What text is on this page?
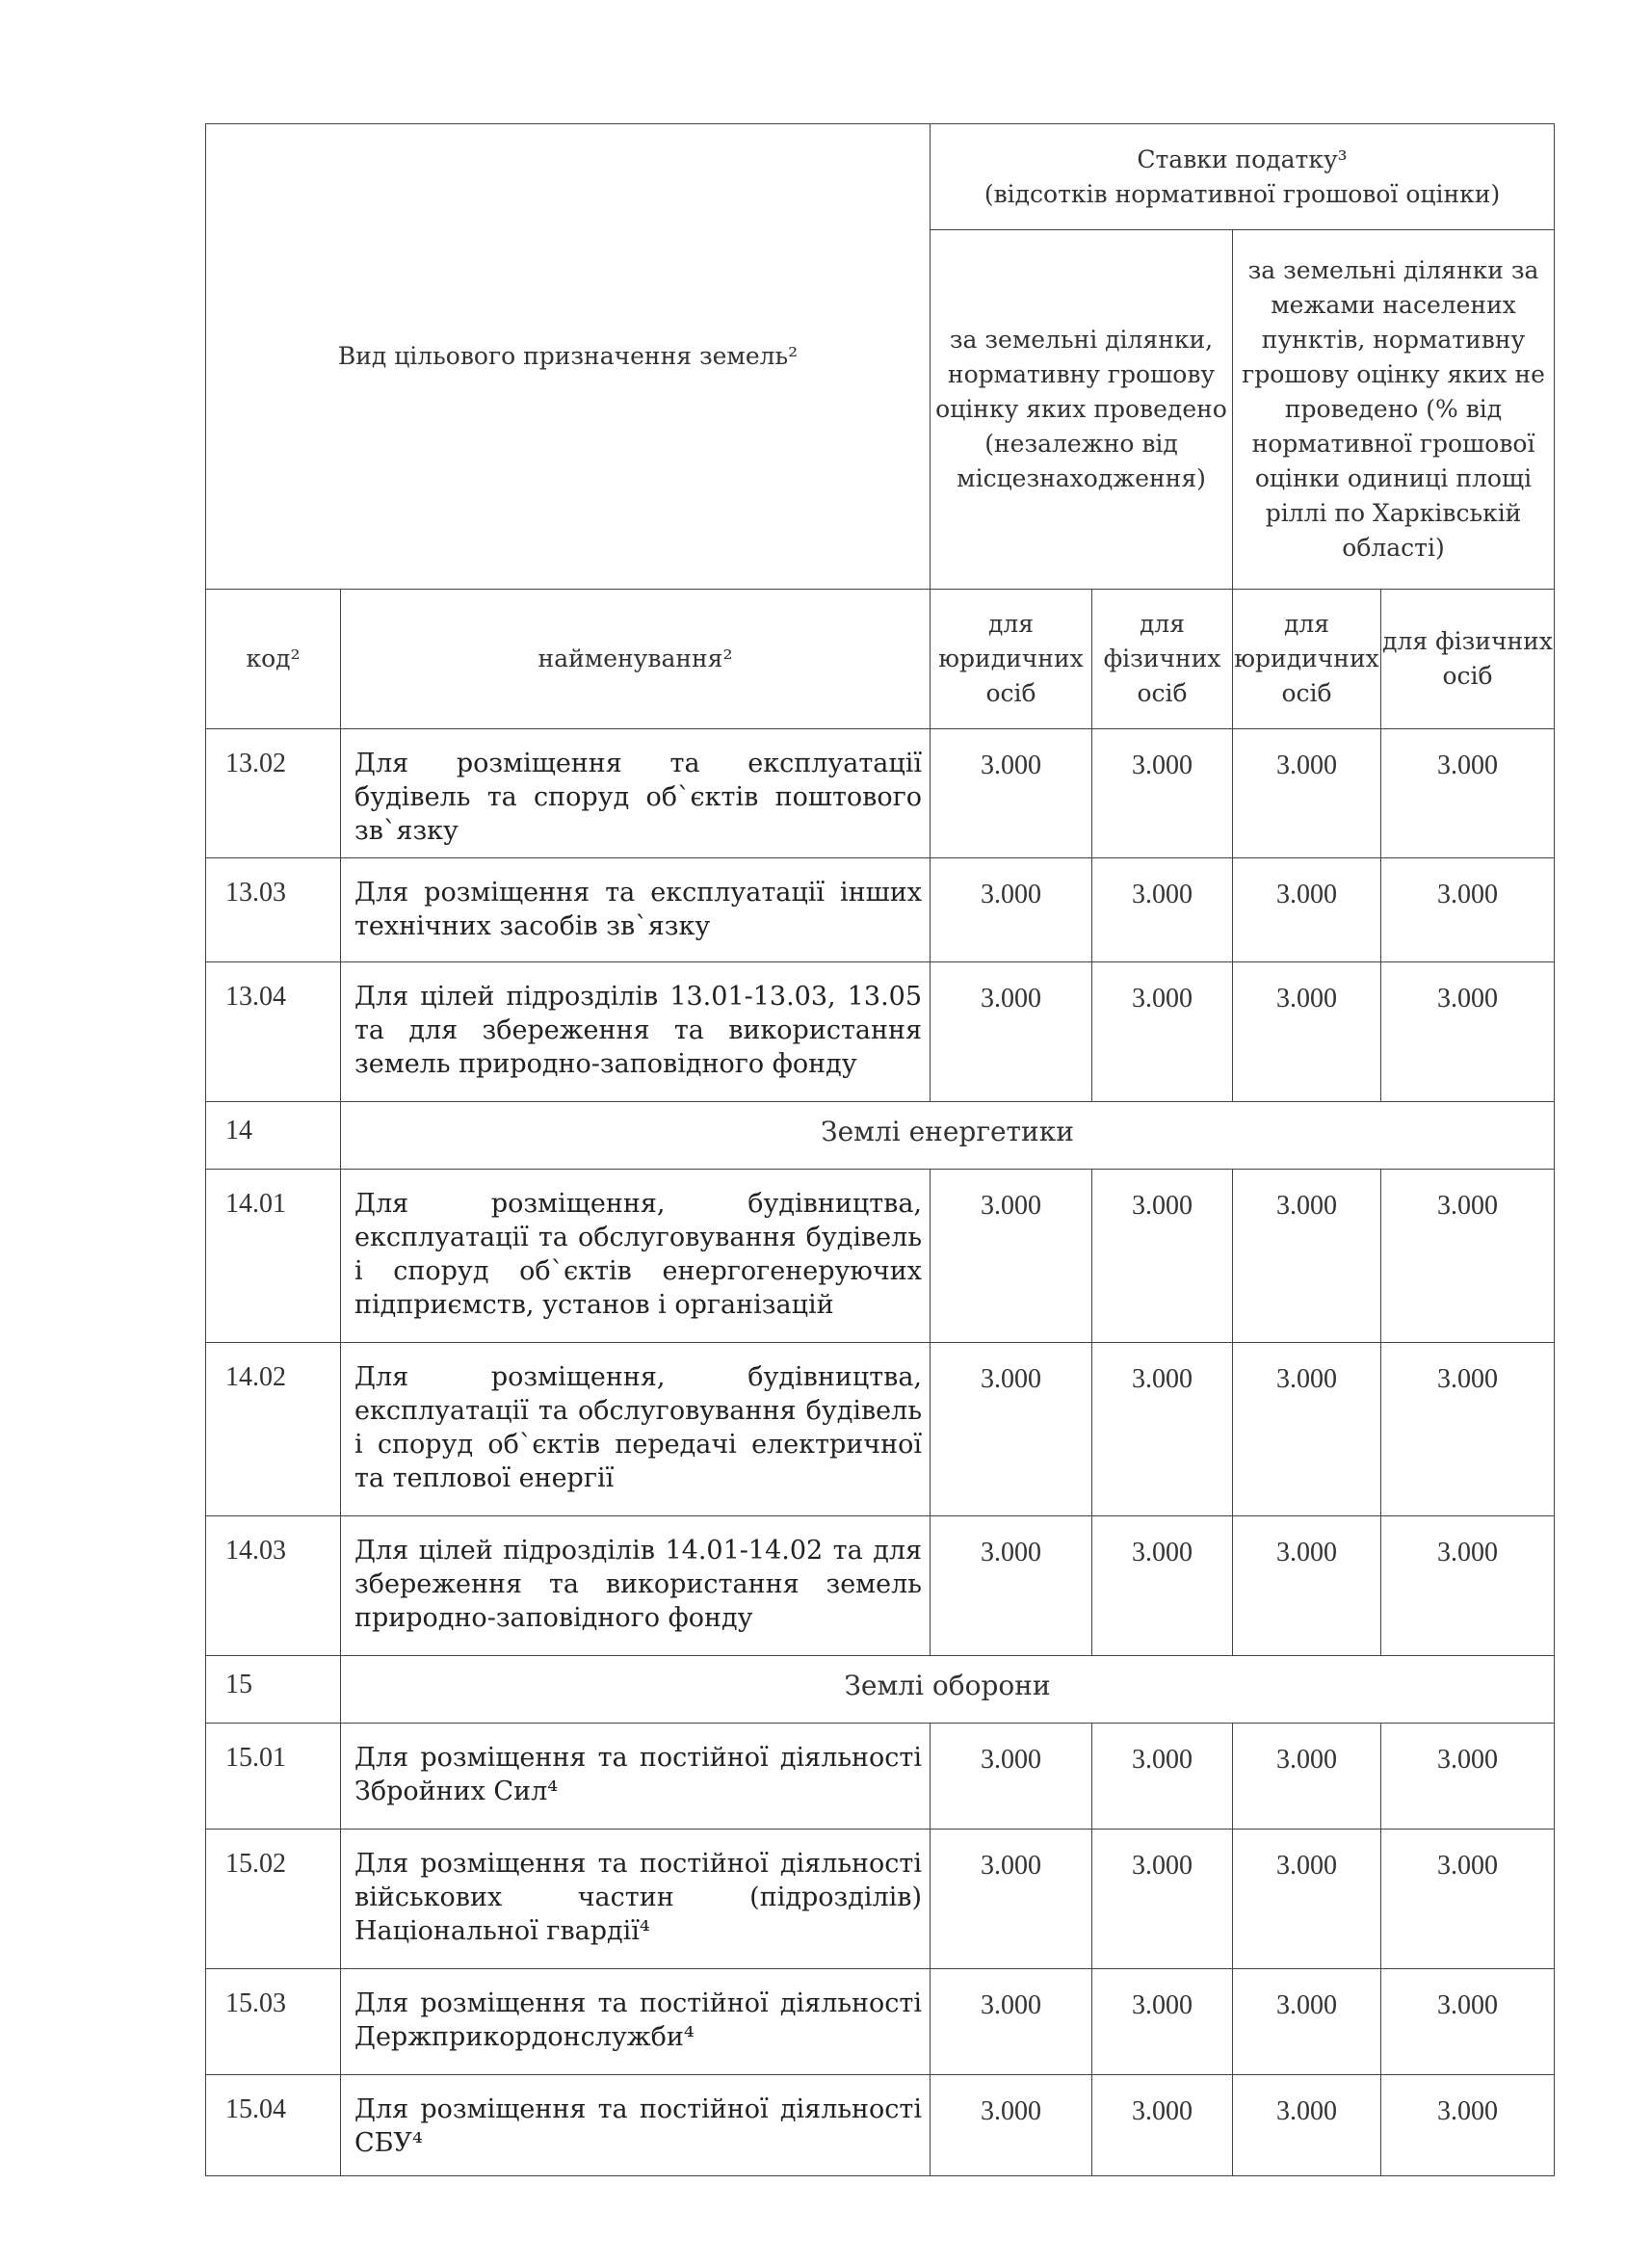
Вид цільового призначення земель²		Ставки податку³
(відсотків нормативної грошової оцінки)			

		за земельні ділянки, нормативну грошову оцінку яких проведено (незалежно від місцезнаходження)		за земельні ділянки за межами населених пунктів, нормативну грошову оцінку яких не проведено (% від нормативної грошової оцінки одиниці площі ріллі по Харківській області)	
код²	найменування²	для юридичних осіб	для фізичних осіб	для юридичних осіб	для фізичних осіб
13.02	Для розміщення та експлуатації будівель та споруд об`єктів поштового зв`язку	3.000	3.000	3.000	3.000
13.03	Для розміщення та експлуатації інших технічних засобів зв`язку	3.000	3.000	3.000	3.000
13.04	Для цілей підрозділів 13.01-13.03, 13.05 та для збереження та використання земель природно-заповідного фонду	3.000	3.000	3.000	3.000
14	Землі енергетики				
14.01	Для розміщення, будівництва, експлуатації та обслуговування будівель і споруд об`єктів енергогенеруючих підприємств, установ і організацій	3.000	3.000	3.000	3.000
14.02	Для розміщення, будівництва, експлуатації та обслуговування будівель і споруд об`єктів передачі електричної та теплової енергії	3.000	3.000	3.000	3.000
14.03	Для цілей підрозділів 14.01-14.02 та для збереження та використання земель природно-заповідного фонду	3.000	3.000	3.000	3.000
15	Землі оборони				
15.01	Для розміщення та постійної діяльності Збройних Сил⁴	3.000	3.000	3.000	3.000
15.02	Для розміщення та постійної діяльності військових частин (підрозділів) Національної гвардії⁴	3.000	3.000	3.000	3.000
15.03	Для розміщення та постійної діяльності Держприкордонслужби⁴	3.000	3.000	3.000	3.000
15.04	Для розміщення та постійної діяльності СБУ⁴	3.000	3.000	3.000	3.000
